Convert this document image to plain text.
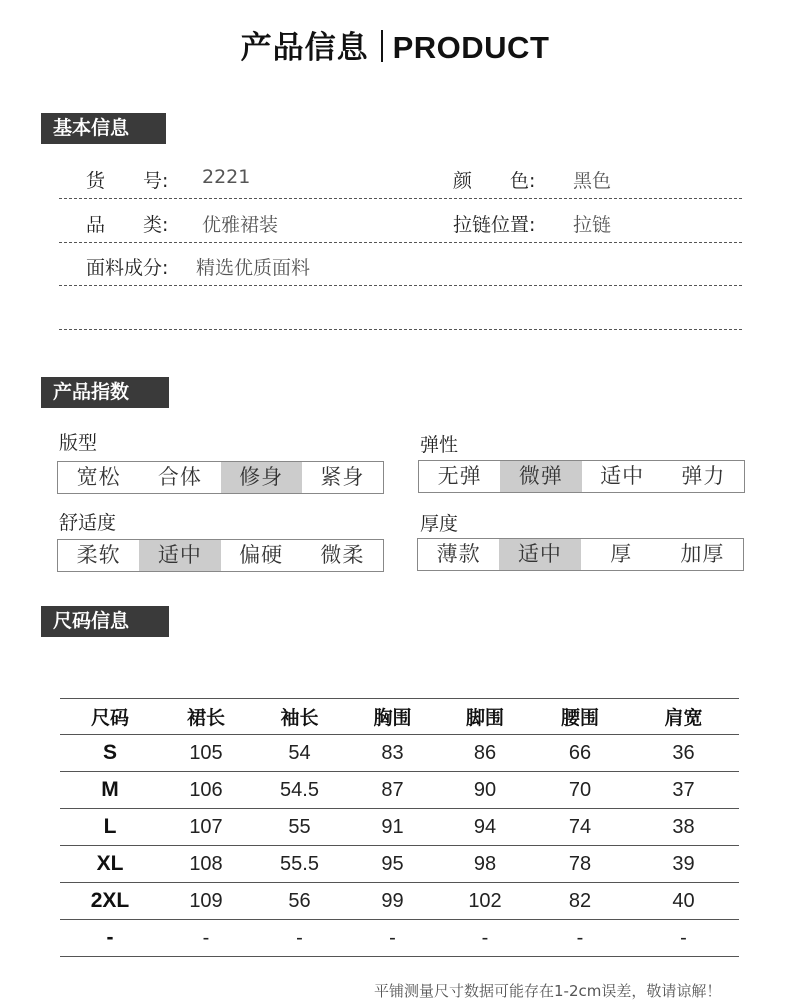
产品信息 PRODUCT
基本信息
货　　号: 2221	颜　　色: 黑色
品　　类: 优雅裙装	拉链位置: 拉链
面料成分: 精选优质面料
产品指数
版型
宽松	合体	修身	紧身
弹性
无弹	微弹	适中	弹力
舒适度
柔软	适中	偏硬	微柔
厚度
薄款	适中	厚	加厚
尺码信息
尺码	裙长	袖长	胸围	脚围	腰围	肩宽
S	105	54	83	86	66	36
M	106	54.5	87	90	70	37
L	107	55	91	94	74	38
XL	108	55.5	95	98	78	39
2XL	109	56	99	102	82	40
-	-	-	-	-	-	-
平铺测量尺寸数据可能存在1-2cm误差，敬请谅解！
